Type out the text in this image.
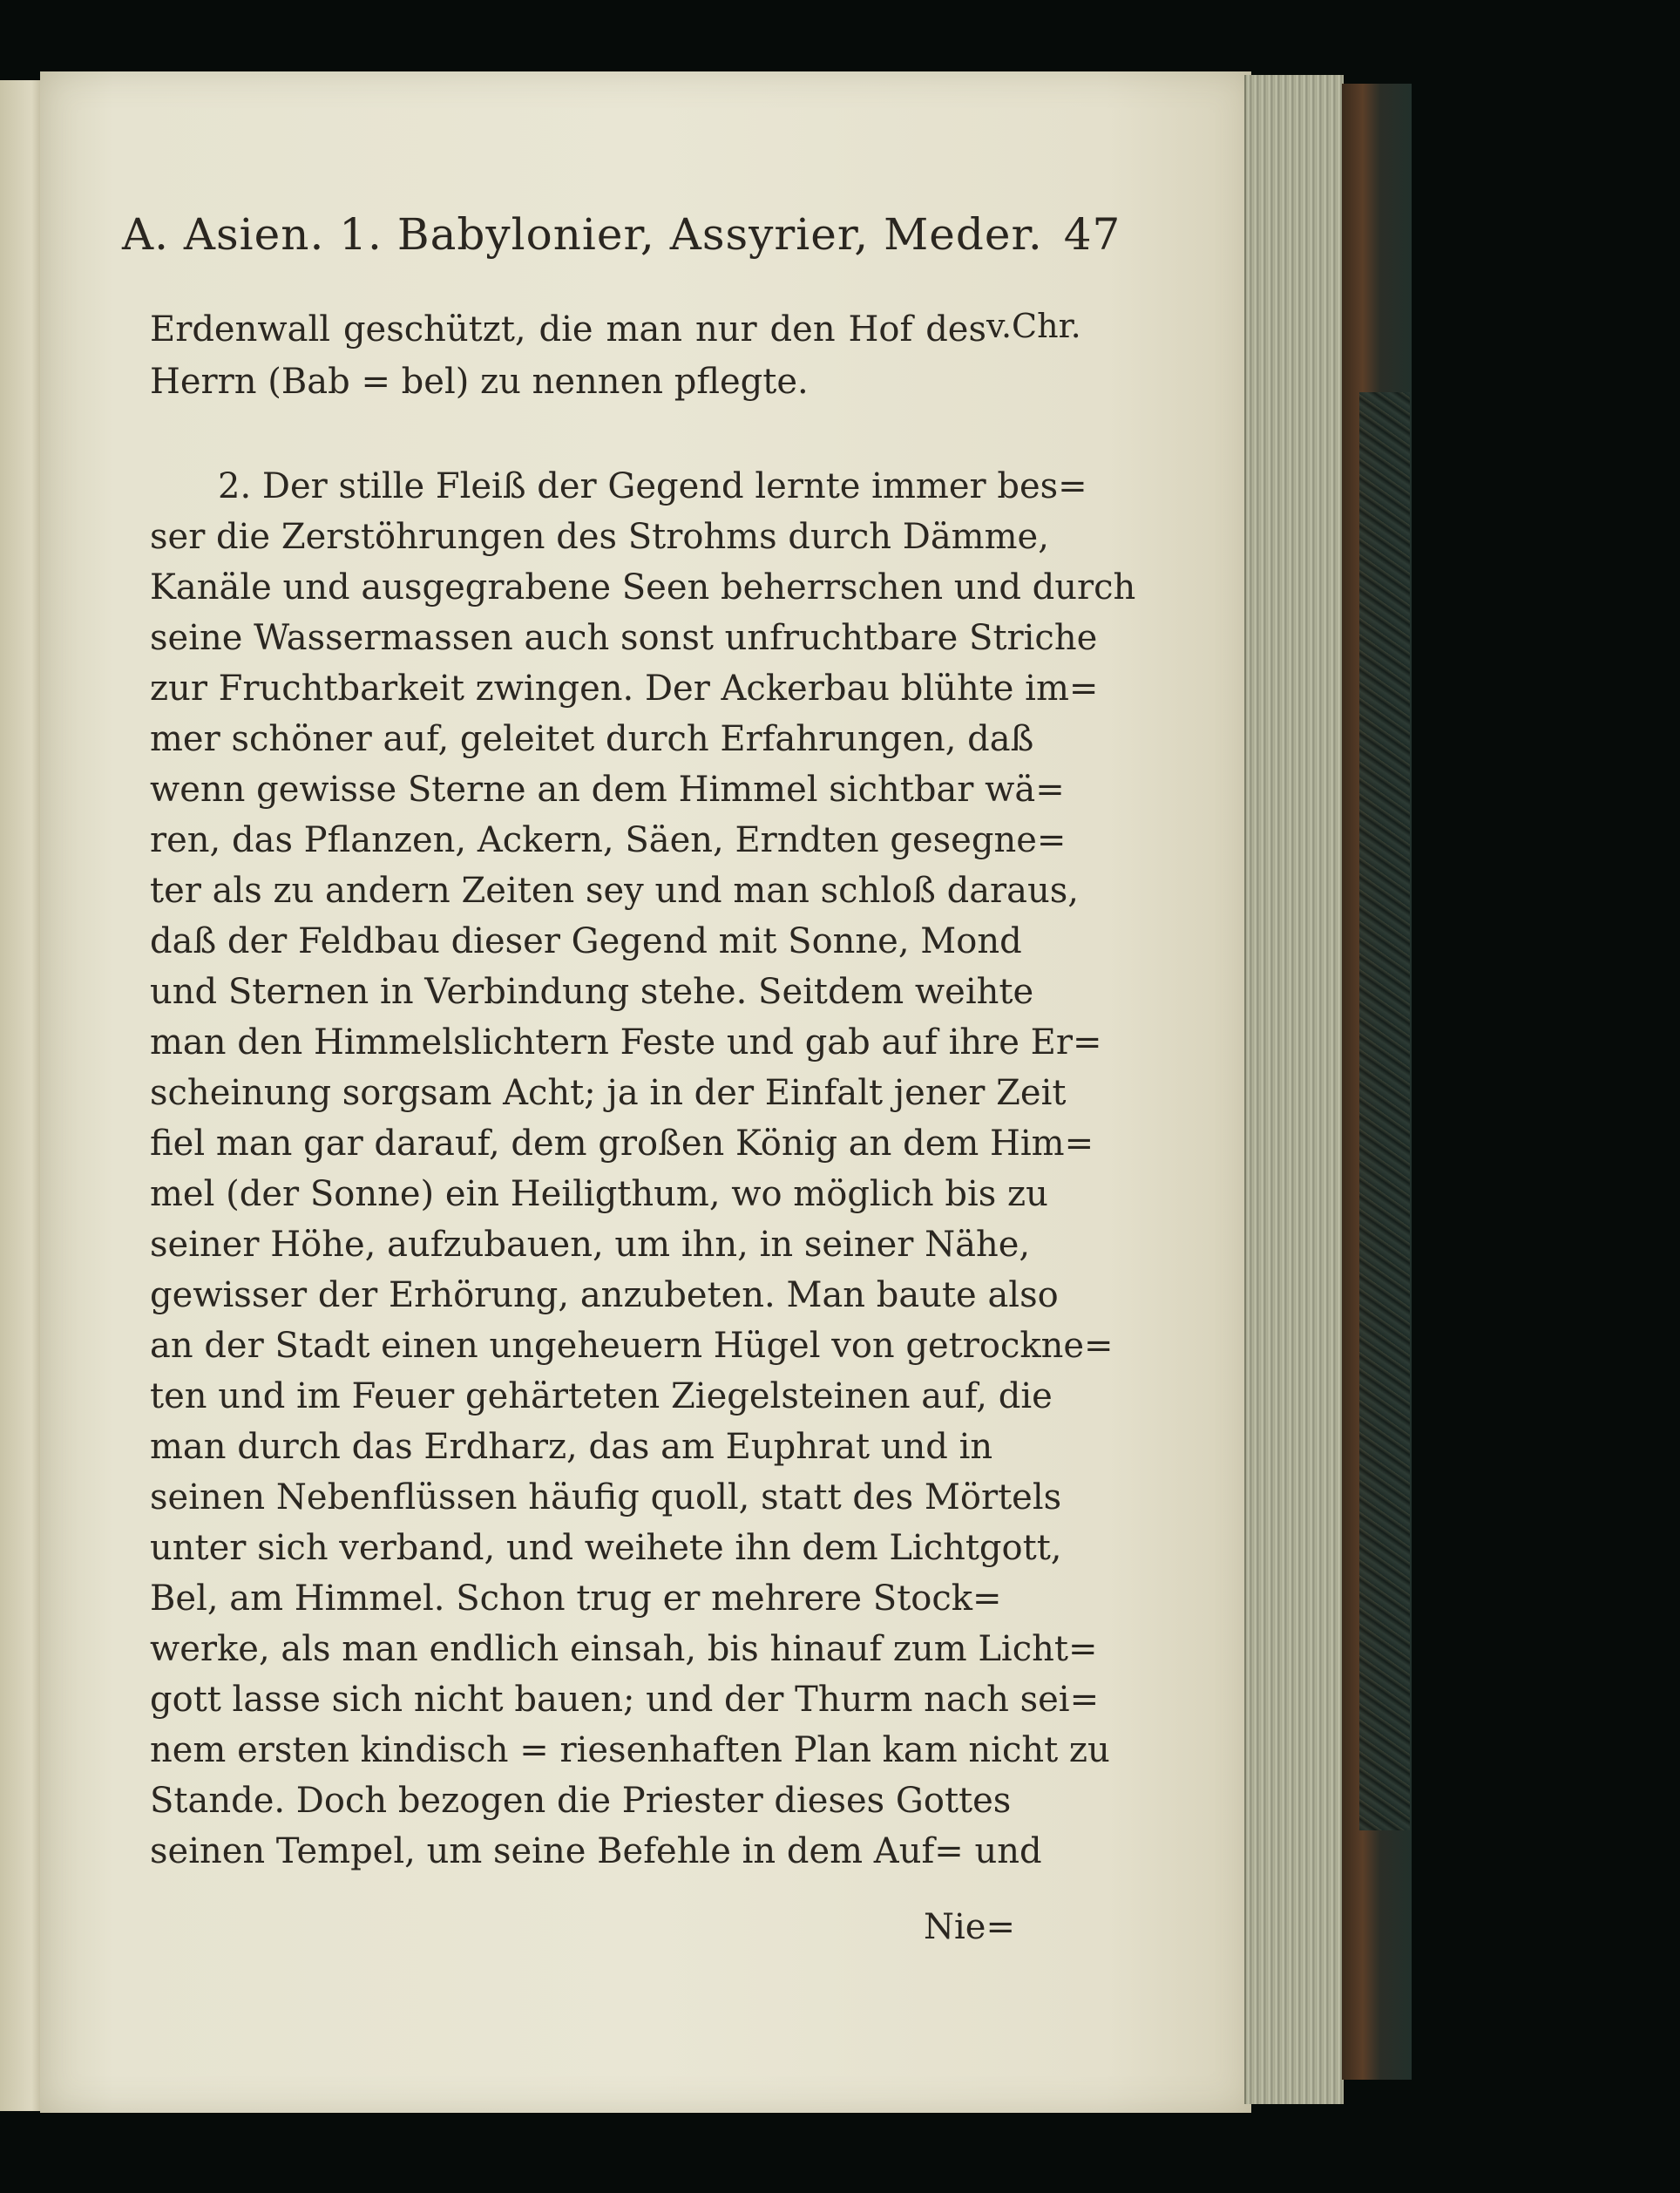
A. Asien. 1. Babylonier, Assyrier, Meder. 47
v.Chr.
Erdenwall geschützt, die man nur den Hof des
Herrn (Bab = bel) zu nennen pflegte.
2. Der stille Fleiß der Gegend lernte immer bes=
ser die Zerstöhrungen des Strohms durch Dämme,
Kanäle und ausgegrabene Seen beherrschen und durch
seine Wassermassen auch sonst unfruchtbare Striche
zur Fruchtbarkeit zwingen. Der Ackerbau blühte im=
mer schöner auf, geleitet durch Erfahrungen, daß
wenn gewisse Sterne an dem Himmel sichtbar wä=
ren, das Pflanzen, Ackern, Säen, Erndten gesegne=
ter als zu andern Zeiten sey und man schloß daraus,
daß der Feldbau dieser Gegend mit Sonne, Mond
und Sternen in Verbindung stehe. Seitdem weihte
man den Himmelslichtern Feste und gab auf ihre Er=
scheinung sorgsam Acht; ja in der Einfalt jener Zeit
fiel man gar darauf, dem großen König an dem Him=
mel (der Sonne) ein Heiligthum, wo möglich bis zu
seiner Höhe, aufzubauen, um ihn, in seiner Nähe,
gewisser der Erhörung, anzubeten. Man baute also
an der Stadt einen ungeheuern Hügel von getrockne=
ten und im Feuer gehärteten Ziegelsteinen auf, die
man durch das Erdharz, das am Euphrat und in
seinen Nebenflüssen häufig quoll, statt des Mörtels
unter sich verband, und weihete ihn dem Lichtgott,
Bel, am Himmel. Schon trug er mehrere Stock=
werke, als man endlich einsah, bis hinauf zum Licht=
gott lasse sich nicht bauen; und der Thurm nach sei=
nem ersten kindisch = riesenhaften Plan kam nicht zu
Stande. Doch bezogen die Priester dieses Gottes
seinen Tempel, um seine Befehle in dem Auf= und
Nie=
